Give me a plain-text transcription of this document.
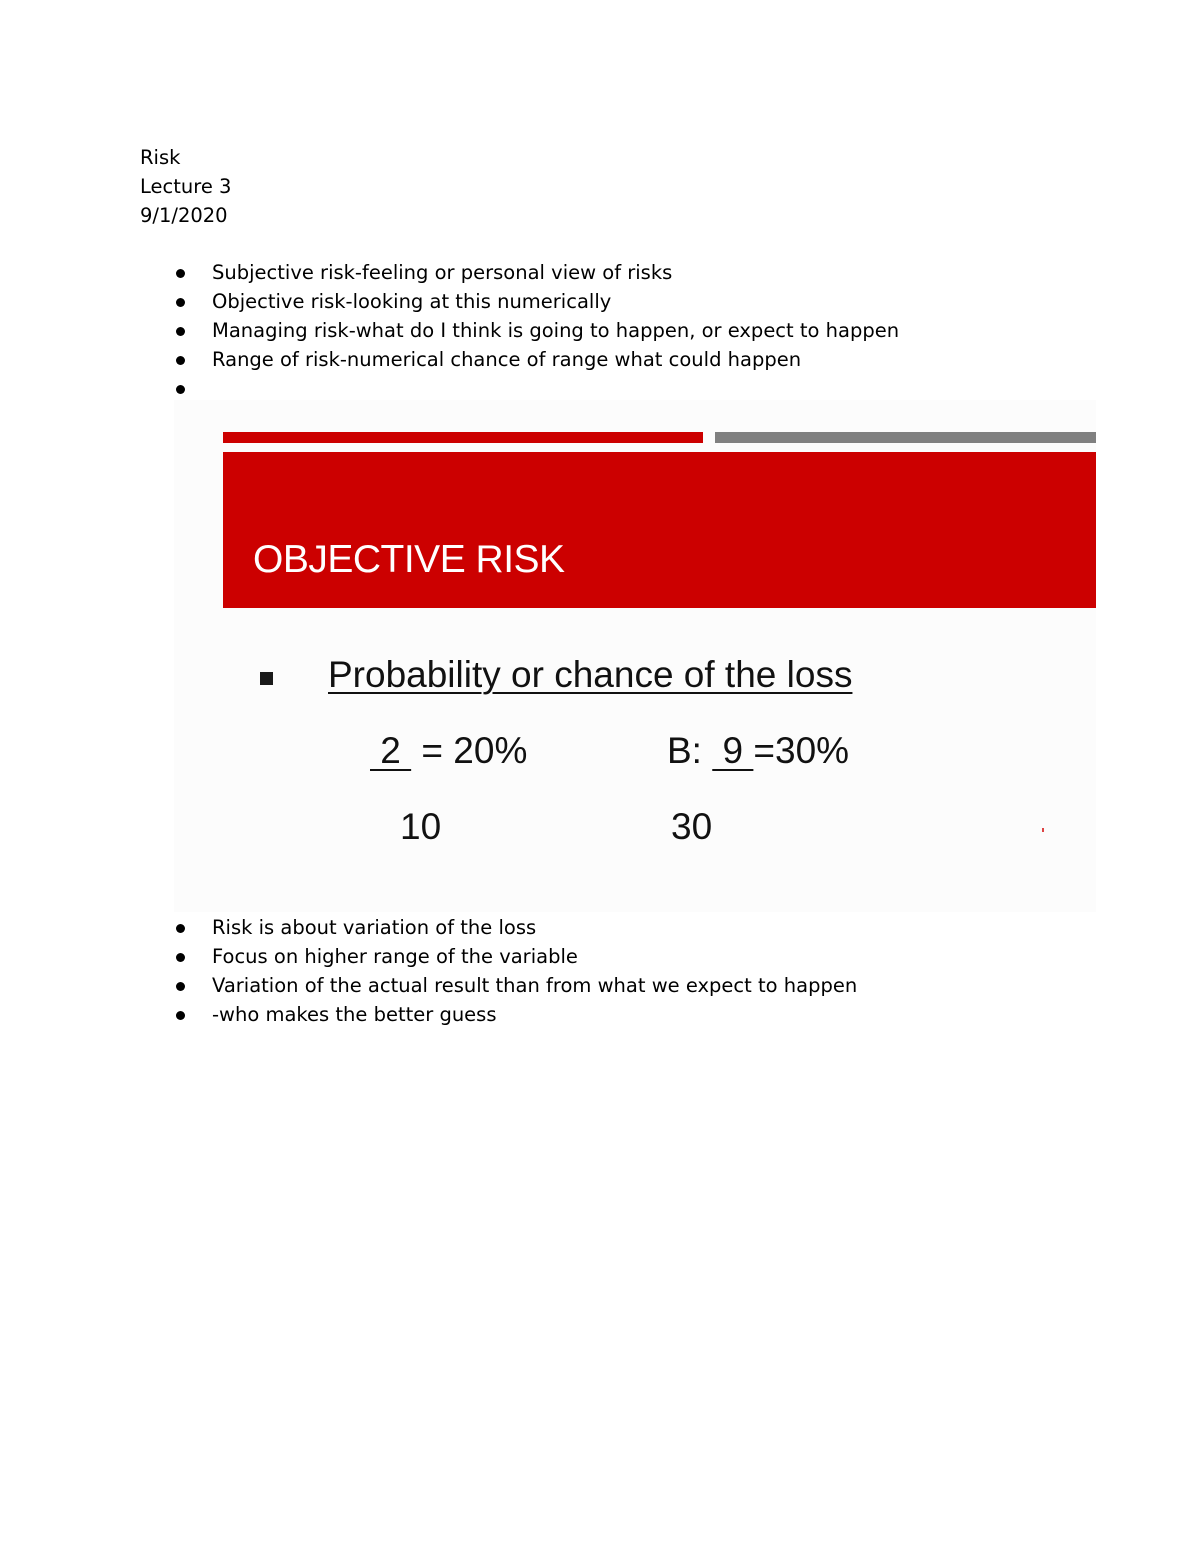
Risk
Lecture 3
9/1/2020
Subjective risk-feeling or personal view of risks
Objective risk-looking at this numerically
Managing risk-what do I think is going to happen, or expect to happen
Range of risk-numerical chance of range what could happen
OBJECTIVE RISK
Probability or chance of the loss
2  = 20%
10
B:  9 =30%
30
Risk is about variation of the loss
Focus on higher range of the variable
Variation of the actual result than from what we expect to happen
-who makes the better guess
